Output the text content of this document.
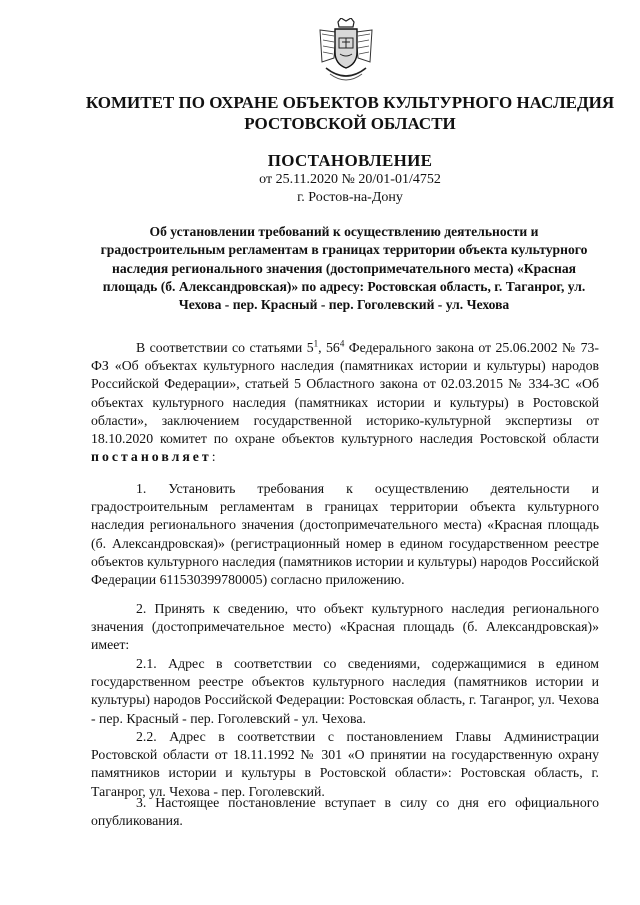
КОМИТЕТ ПО ОХРАНЕ ОБЪЕКТОВ КУЛЬТУРНОГО НАСЛЕДИЯ РОСТОВСКОЙ ОБЛАСТИ
ПОСТАНОВЛЕНИЕ
от 25.11.2020 № 20/01-01/4752
г. Ростов-на-Дону
Об установлении требований к осуществлению деятельности и градостроительным регламентам в границах территории объекта культурного наследия регионального значения (достопримечательного места) «Красная площадь (б. Александровская)» по адресу: Ростовская область, г. Таганрог, ул. Чехова - пер. Красный - пер. Гоголевский - ул. Чехова

В соответствии со статьями $5^1$, $56^4$ Федерального закона от 25.06.2002 № 73-ФЗ «Об объектах культурного наследия (памятниках истории и культуры) народов Российской Федерации», статьей 5 Областного закона от 02.03.2015 № 334-ЗС «Об объектах культурного наследия (памятниках истории и культуры) в Ростовской области», заключением государственной историко-культурной экспертизы от 18.10.2020 комитет по охране объектов культурного наследия Ростовской области постановляет:

1. Установить требования к осуществлению деятельности и градостроительным регламентам в границах территории объекта культурного наследия регионального значения (достопримечательного места) «Красная площадь (б. Александровская)» (регистрационный номер в едином государственном реестре объектов культурного наследия (памятников истории и культуры) народов Российской Федерации 611530399780005) согласно приложению.

2. Принять к сведению, что объект культурного наследия регионального значения (достопримечательное место) «Красная площадь (б. Александровская)» имеет:

2.1. Адрес в соответствии со сведениями, содержащимися в едином государственном реестре объектов культурного наследия (памятников истории и культуры) народов Российской Федерации: Ростовская область, г. Таганрог, ул. Чехова - пер. Красный - пер. Гоголевский - ул. Чехова.

2.2. Адрес в соответствии с постановлением Главы Администрации Ростовской области от 18.11.1992 № 301 «О принятии на государственную охрану памятников истории и культуры в Ростовской области»: Ростовская область, г. Таганрог, ул. Чехова - пер. Гоголевский.

3. Настоящее постановление вступает в силу со дня его официального опубликования.
